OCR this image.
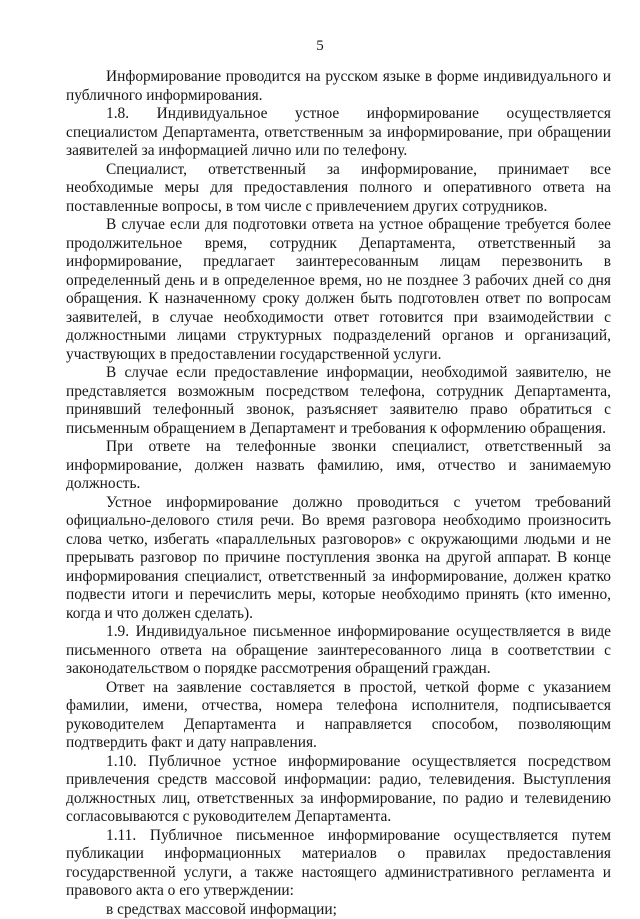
5

Информирование проводится на русском языке в форме индивидуального и публичного информирования.

1.8. Индивидуальное устное информирование осуществляется специалистом Департамента, ответственным за информирование, при обращении заявителей за информацией лично или по телефону.

Специалист, ответственный за информирование, принимает все необходимые меры для предоставления полного и оперативного ответа на поставленные вопросы, в том числе с привлечением других сотрудников.

В случае если для подготовки ответа на устное обращение требуется более продолжительное время, сотрудник Департамента, ответственный за информирование, предлагает заинтересованным лицам перезвонить в определенный день и в определенное время, но не позднее 3 рабочих дней со дня обращения. К назначенному сроку должен быть подготовлен ответ по вопросам заявителей, в случае необходимости ответ готовится при взаимодействии с должностными лицами структурных подразделений органов и организаций, участвующих в предоставлении государственной услуги.

В случае если предоставление информации, необходимой заявителю, не представляется возможным посредством телефона, сотрудник Департамента, принявший телефонный звонок, разъясняет заявителю право обратиться с письменным обращением в Департамент и требования к оформлению обращения.

При ответе на телефонные звонки специалист, ответственный за информирование, должен назвать фамилию, имя, отчество и занимаемую должность.

Устное информирование должно проводиться с учетом требований официально-делового стиля речи. Во время разговора необходимо произносить слова четко, избегать «параллельных разговоров» с окружающими людьми и не прерывать разговор по причине поступления звонка на другой аппарат. В конце информирования специалист, ответственный за информирование, должен кратко подвести итоги и перечислить меры, которые необходимо принять (кто именно, когда и что должен сделать).

1.9. Индивидуальное письменное информирование осуществляется в виде письменного ответа на обращение заинтересованного лица в соответствии с законодательством о порядке рассмотрения обращений граждан.

Ответ на заявление составляется в простой, четкой форме с указанием фамилии, имени, отчества, номера телефона исполнителя, подписывается руководителем Департамента и направляется способом, позволяющим подтвердить факт и дату направления.

1.10. Публичное устное информирование осуществляется посредством привлечения средств массовой информации: радио, телевидения. Выступления должностных лиц, ответственных за информирование, по радио и телевидению согласовываются с руководителем Департамента.

1.11. Публичное письменное информирование осуществляется путем публикации информационных материалов о правилах предоставления государственной услуги, а также настоящего административного регламента и правового акта о его утверждении:

в средствах массовой информации;
